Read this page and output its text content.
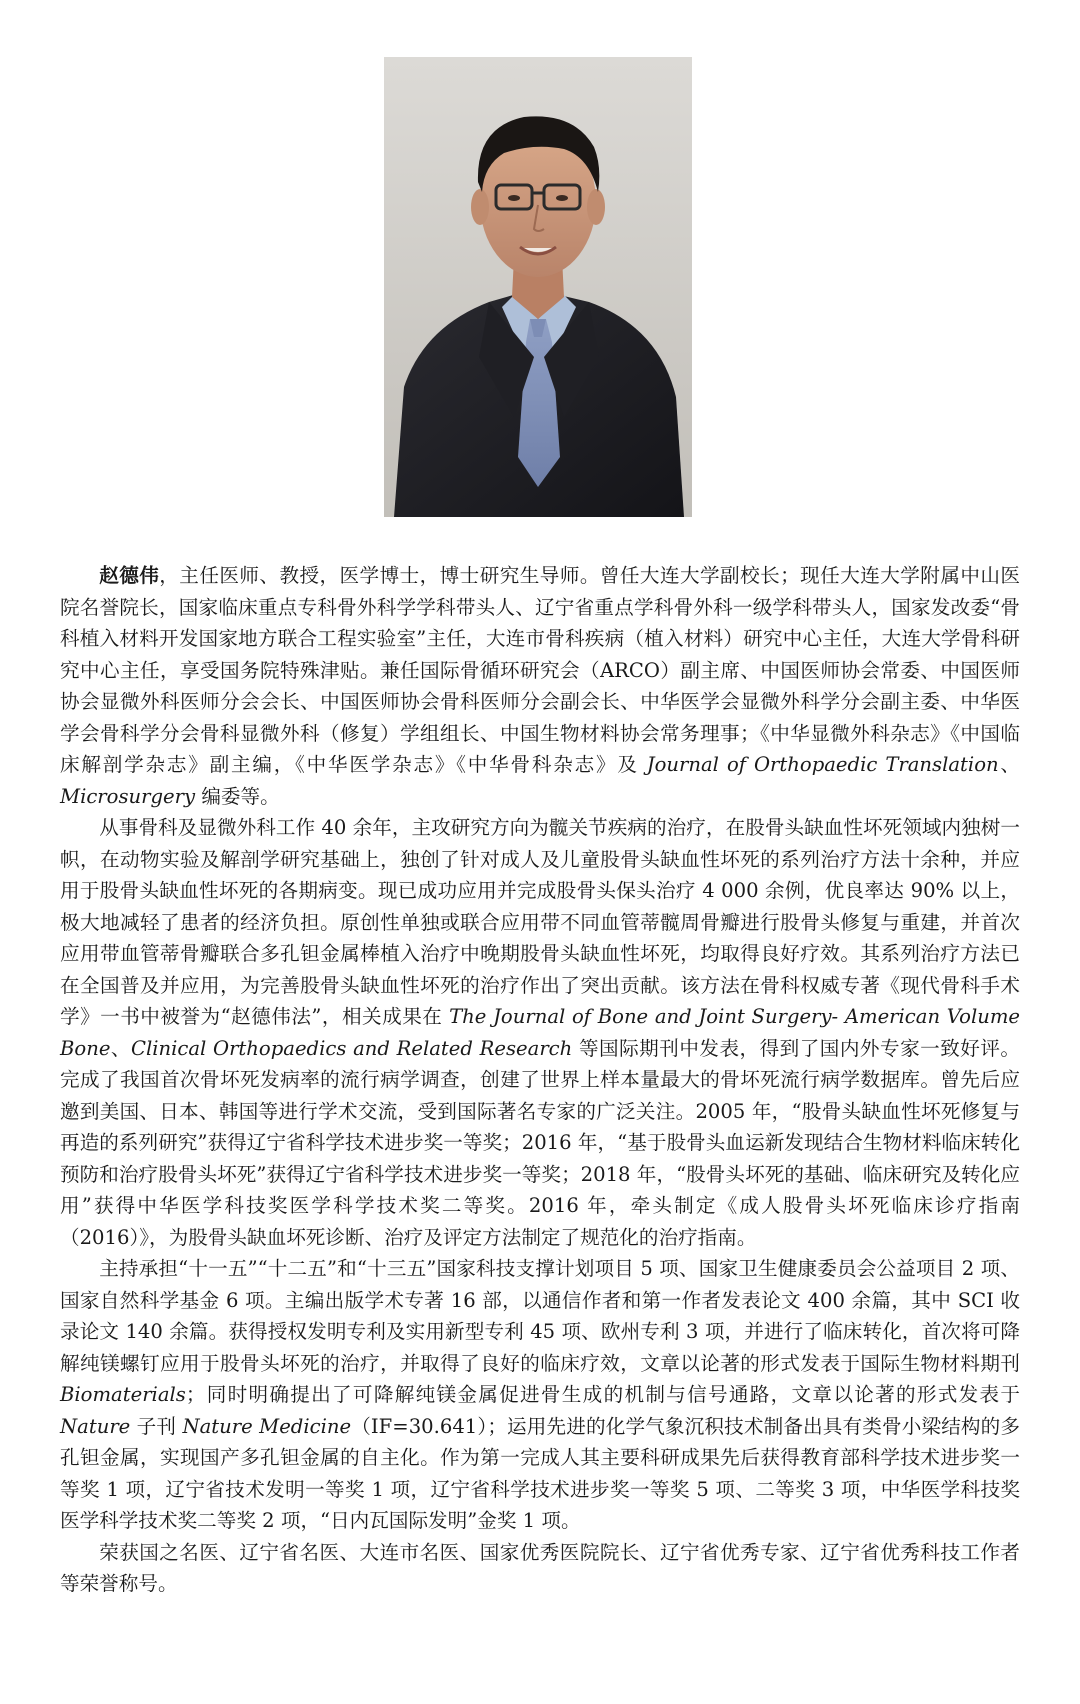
赵德伟，主任医师、教授，医学博士，博士研究生导师。曾任大连大学副校长；现任大连大学附属中山医院名誉院长，国家临床重点专科骨外科学学科带头人、辽宁省重点学科骨外科一级学科带头人，国家发改委“骨科植入材料开发国家地方联合工程实验室”主任，大连市骨科疾病（植入材料）研究中心主任，大连大学骨科研究中心主任，享受国务院特殊津贴。兼任国际骨循环研究会（ARCO）副主席、中国医师协会常委、中国医师协会显微外科医师分会会长、中国医师协会骨科医师分会副会长、中华医学会显微外科学分会副主委、中华医学会骨科学分会骨科显微外科（修复）学组组长、中国生物材料协会常务理事；《中华显微外科杂志》《中国临床解剖学杂志》副主编，《中华医学杂志》《中华骨科杂志》及 Journal of Orthopaedic Translation、Microsurgery 编委等。

从事骨科及显微外科工作 40 余年，主攻研究方向为髋关节疾病的治疗，在股骨头缺血性坏死领域内独树一帜，在动物实验及解剖学研究基础上，独创了针对成人及儿童股骨头缺血性坏死的系列治疗方法十余种，并应用于股骨头缺血性坏死的各期病变。现已成功应用并完成股骨头保头治疗 4 000 余例，优良率达 90% 以上，极大地减轻了患者的经济负担。原创性单独或联合应用带不同血管蒂髋周骨瓣进行股骨头修复与重建，并首次应用带血管蒂骨瓣联合多孔钽金属棒植入治疗中晚期股骨头缺血性坏死，均取得良好疗效。其系列治疗方法已在全国普及并应用，为完善股骨头缺血性坏死的治疗作出了突出贡献。该方法在骨科权威专著《现代骨科手术学》一书中被誉为“赵德伟法”，相关成果在 The Journal of Bone and Joint Surgery- American Volume Bone、Clinical Orthopaedics and Related Research 等国际期刊中发表，得到了国内外专家一致好评。完成了我国首次骨坏死发病率的流行病学调查，创建了世界上样本量最大的骨坏死流行病学数据库。曾先后应邀到美国、日本、韩国等进行学术交流，受到国际著名专家的广泛关注。2005 年，“股骨头缺血性坏死修复与再造的系列研究”获得辽宁省科学技术进步奖一等奖；2016 年，“基于股骨头血运新发现结合生物材料临床转化预防和治疗股骨头坏死”获得辽宁省科学技术进步奖一等奖；2018 年，“股骨头坏死的基础、临床研究及转化应用”获得中华医学科技奖医学科学技术奖二等奖。2016 年，牵头制定《成人股骨头坏死临床诊疗指南（2016）》，为股骨头缺血坏死诊断、治疗及评定方法制定了规范化的治疗指南。

主持承担“十一五”“十二五”和“十三五”国家科技支撑计划项目 5 项、国家卫生健康委员会公益项目 2 项、国家自然科学基金 6 项。主编出版学术专著 16 部，以通信作者和第一作者发表论文 400 余篇，其中 SCI 收录论文 140 余篇。获得授权发明专利及实用新型专利 45 项、欧州专利 3 项，并进行了临床转化，首次将可降解纯镁螺钉应用于股骨头坏死的治疗，并取得了良好的临床疗效，文章以论著的形式发表于国际生物材料期刊 Biomaterials；同时明确提出了可降解纯镁金属促进骨生成的机制与信号通路，文章以论著的形式发表于 Nature 子刊 Nature Medicine（IF=30.641）；运用先进的化学气象沉积技术制备出具有类骨小梁结构的多孔钽金属，实现国产多孔钽金属的自主化。作为第一完成人其主要科研成果先后获得教育部科学技术进步奖一等奖 1 项，辽宁省技术发明一等奖 1 项，辽宁省科学技术进步奖一等奖 5 项、二等奖 3 项，中华医学科技奖医学科学技术奖二等奖 2 项，“日内瓦国际发明”金奖 1 项。

荣获国之名医、辽宁省名医、大连市名医、国家优秀医院院长、辽宁省优秀专家、辽宁省优秀科技工作者等荣誉称号。
